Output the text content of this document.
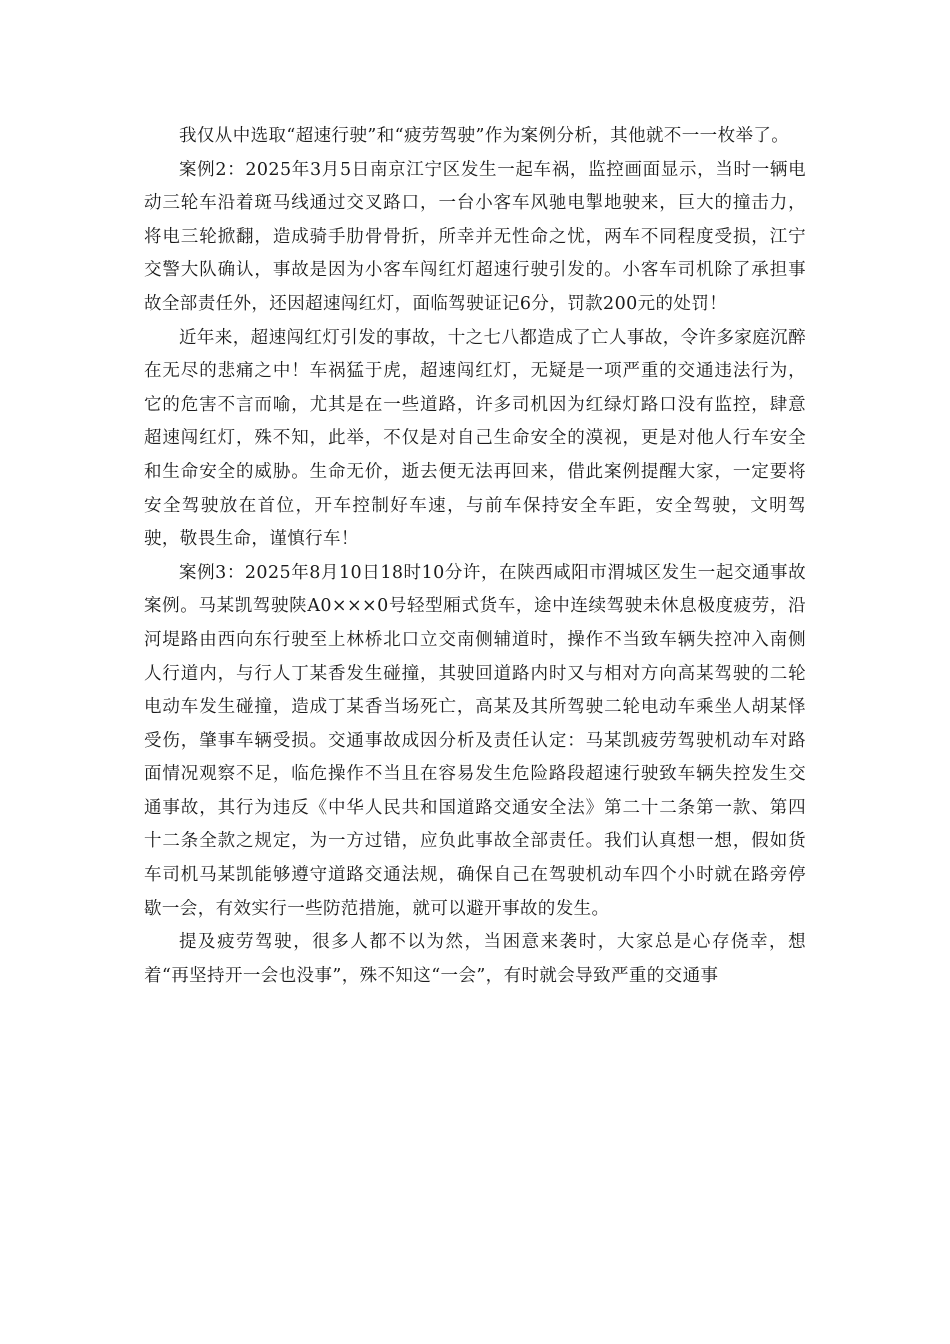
我仅从中选取“超速行驶”和“疲劳驾驶”作为案例分析，其他就不一一枚举了。

案例2：2025年3月5日南京江宁区发生一起车祸，监控画面显示，当时一辆电动三轮车沿着斑马线通过交叉路口，一台小客车风驰电掣地驶来，巨大的撞击力，将电三轮掀翻，造成骑手肋骨骨折，所幸并无性命之忧，两车不同程度受损，江宁交警大队确认，事故是因为小客车闯红灯超速行驶引发的。小客车司机除了承担事故全部责任外，还因超速闯红灯，面临驾驶证记6分，罚款200元的处罚！

近年来，超速闯红灯引发的事故，十之七八都造成了亡人事故，令许多家庭沉醉在无尽的悲痛之中！车祸猛于虎，超速闯红灯，无疑是一项严重的交通违法行为，它的危害不言而喻，尤其是在一些道路，许多司机因为红绿灯路口没有监控，肆意超速闯红灯，殊不知，此举，不仅是对自己生命安全的漠视，更是对他人行车安全和生命安全的威胁。生命无价，逝去便无法再回来，借此案例提醒大家，一定要将安全驾驶放在首位，开车控制好车速，与前车保持安全车距，安全驾驶，文明驾驶，敬畏生命，谨慎行车！

案例3：2025年8月10日18时10分许，在陕西咸阳市渭城区发生一起交通事故案例。马某凯驾驶陕A0×××0号轻型厢式货车，途中连续驾驶未休息极度疲劳，沿河堤路由西向东行驶至上林桥北口立交南侧辅道时，操作不当致车辆失控冲入南侧人行道内，与行人丁某香发生碰撞，其驶回道路内时又与相对方向高某驾驶的二轮电动车发生碰撞，造成丁某香当场死亡，高某及其所驾驶二轮电动车乘坐人胡某怿受伤，肇事车辆受损。交通事故成因分析及责任认定：马某凯疲劳驾驶机动车对路面情况观察不足，临危操作不当且在容易发生危险路段超速行驶致车辆失控发生交通事故，其行为违反《中华人民共和国道路交通安全法》第二十二条第一款、第四十二条全款之规定，为一方过错，应负此事故全部责任。我们认真想一想，假如货车司机马某凯能够遵守道路交通法规，确保自己在驾驶机动车四个小时就在路旁停歇一会，有效实行一些防范措施，就可以避开事故的发生。

提及疲劳驾驶，很多人都不以为然，当困意来袭时，大家总是心存侥幸，想着“再坚持开一会也没事”，殊不知这“一会”，有时就会导致严重的交通事
